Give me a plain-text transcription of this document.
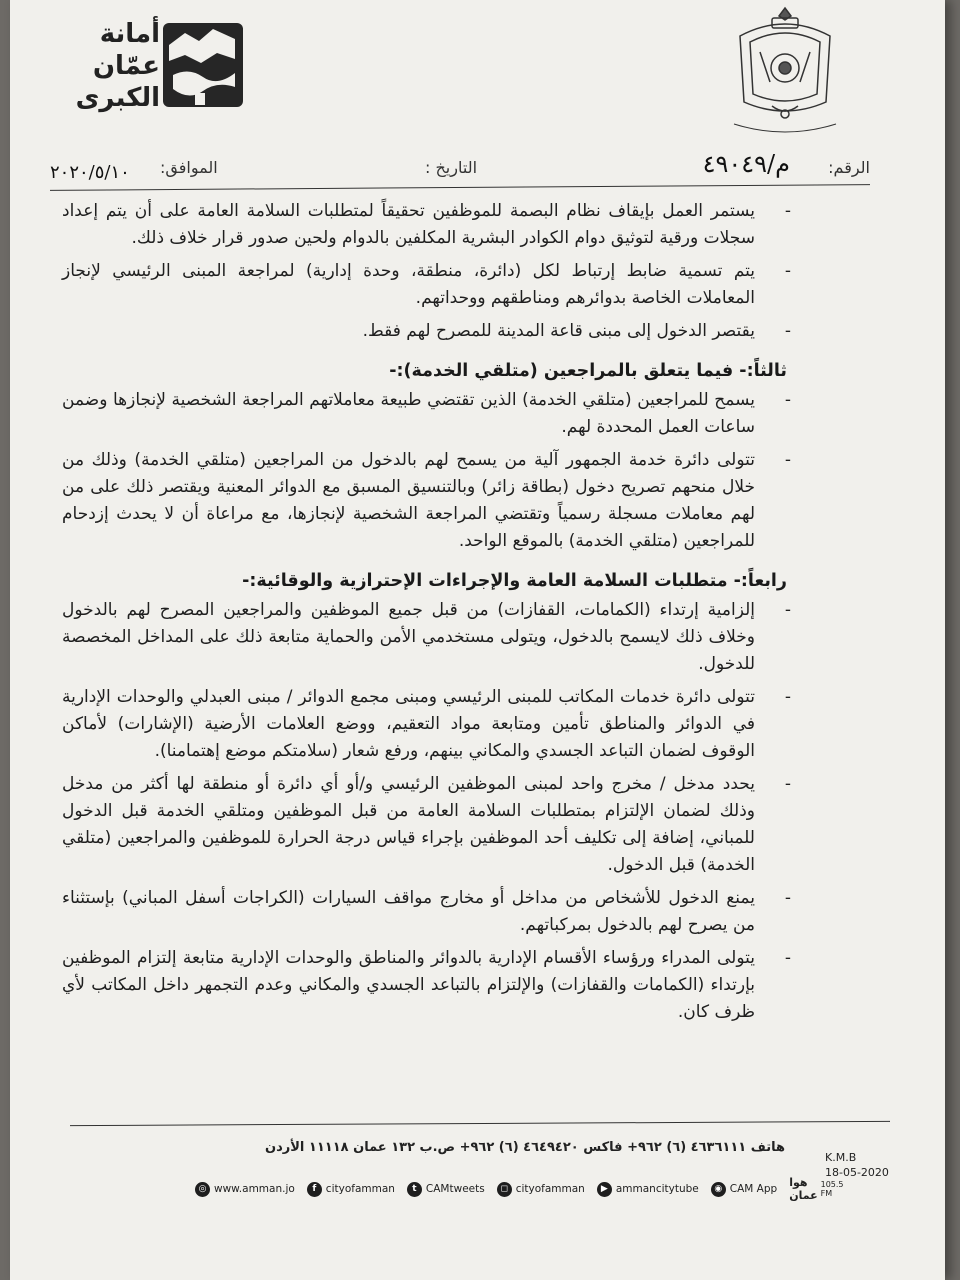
أمانة
عمّان
الكبرى
الرقم:
م/٤٩٠٤٩
التاريخ :
الموافق:
٢٠٢٠/٥/١٠

-
يستمر العمل بإيقاف نظام البصمة للموظفين تحقيقاً لمتطلبات السلامة العامة على أن يتم إعداد سجلات ورقية لتوثيق دوام الكوادر البشرية المكلفين بالدوام ولحين صدور قرار خلاف ذلك.

-
يتم تسمية ضابط إرتباط لكل (دائرة، منطقة، وحدة إدارية) لمراجعة المبنى الرئيسي لإنجاز المعاملات الخاصة بدوائرهم ومناطقهم ووحداتهم.

-
يقتصر الدخول إلى مبنى قاعة المدينة للمصرح لهم فقط.

ثالثاً:- فيما يتعلق بالمراجعين (متلقي الخدمة):-

-
يسمح للمراجعين (متلقي الخدمة) الذين تقتضي طبيعة معاملاتهم المراجعة الشخصية لإنجازها وضمن ساعات العمل المحددة لهم.

-
تتولى دائرة خدمة الجمهور آلية من يسمح لهم بالدخول من المراجعين (متلقي الخدمة) وذلك من خلال منحهم تصريح دخول (بطاقة زائر) وبالتنسيق المسبق مع الدوائر المعنية ويقتصر ذلك على من لهم معاملات مسجلة رسمياً وتقتضي المراجعة الشخصية لإنجازها، مع مراعاة أن لا يحدث إزدحام للمراجعين (متلقي الخدمة) بالموقع الواحد.

رابعاً:- متطلبات السلامة العامة والإجراءات الإحترازية والوقائية:-

-
إلزامية إرتداء (الكمامات، القفازات) من قبل جميع الموظفين والمراجعين المصرح لهم بالدخول وخلاف ذلك لايسمح بالدخول، ويتولى مستخدمي الأمن والحماية متابعة ذلك على المداخل المخصصة للدخول.

-
تتولى دائرة خدمات المكاتب للمبنى الرئيسي ومبنى مجمع الدوائر / مبنى العبدلي والوحدات الإدارية في الدوائر والمناطق تأمين ومتابعة مواد التعقيم، ووضع العلامات الأرضية (الإشارات) لأماكن الوقوف لضمان التباعد الجسدي والمكاني بينهم، ورفع شعار (سلامتكم موضع إهتمامنا).

-
يحدد مدخل / مخرج واحد لمبنى الموظفين الرئيسي و/أو أي دائرة أو منطقة لها أكثر من مدخل وذلك لضمان الإلتزام بمتطلبات السلامة العامة من قبل الموظفين ومتلقي الخدمة قبل الدخول للمباني، إضافة إلى تكليف أحد الموظفين بإجراء قياس درجة الحرارة للموظفين والمراجعين (متلقي الخدمة) قبل الدخول.

-
يمنع الدخول للأشخاص من مداخل أو مخارج مواقف السيارات (الكراجات أسفل المباني) بإستثناء من يصرح لهم بالدخول بمركباتهم.

-
يتولى المدراء ورؤساء الأقسام الإدارية بالدوائر والمناطق والوحدات الإدارية متابعة إلتزام الموظفين بإرتداء (الكمامات والقفازات) والإلتزام بالتباعد الجسدي والمكاني وعدم التجمهر داخل المكاتب لأي ظرف كان.

هاتف ٤٦٣٦١١١ (٦) ٩٦٢+ فاكس ٤٦٤٩٤٢٠ (٦) ٩٦٢+ ص.ب ١٣٢ عمان ١١١١٨ الأردن
K.M.B
18-05-2020
◎ www.amman.jo	f cityofamman	t CAMtweets	◻ cityofamman	▶ ammancitytube	◉ CAM App هوا عمان
105.5 FM
